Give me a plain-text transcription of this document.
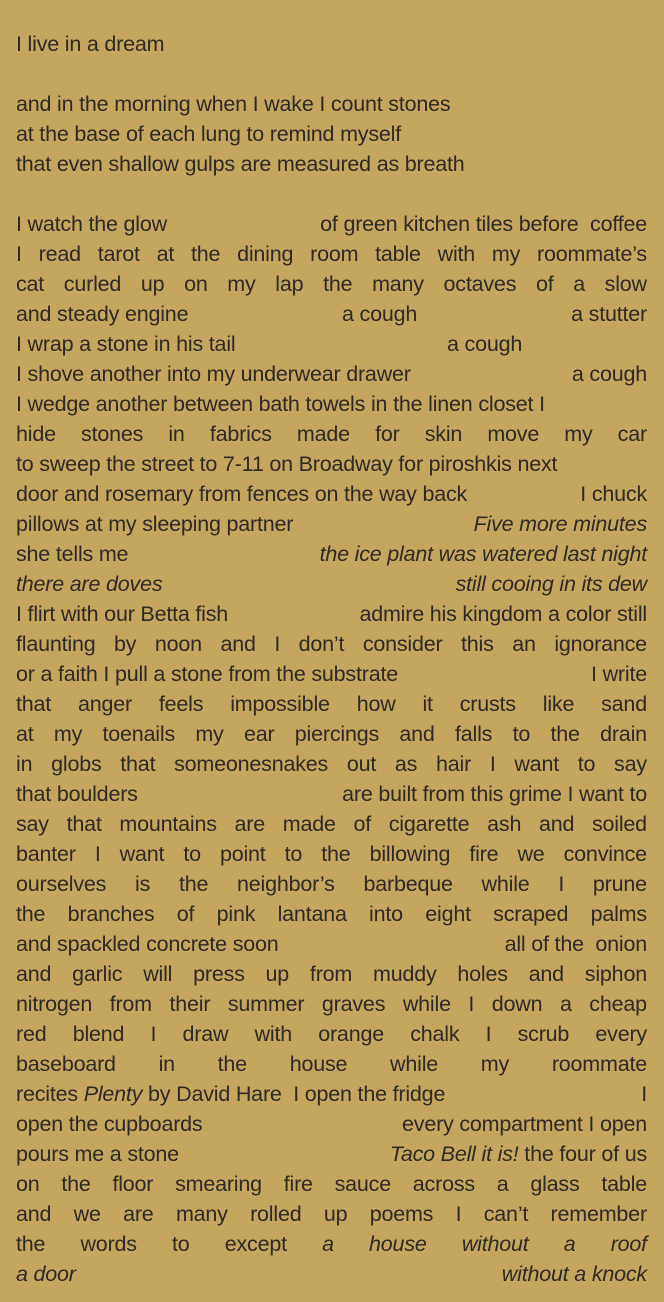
I live in a dream
and in the morning when I wake I count stones
at the base of each lung to remind myself
that even shallow gulps are measured as breath
I watch the glow	of green kitchen tiles before  coffee
I read tarot at the dining room table with my roommate’s
cat curled up on my lap the many octaves of a slow
and steady engine	a cough	a stutter
I wrap a stone in his tail	a cough
I shove another into my underwear drawer	a cough
I wedge another between bath towels in the linen closet I
hide stones in fabrics made for skin move my car
to sweep the street to 7-11 on Broadway for piroshkis next
door and rosemary from fences on the way back	I chuck
pillows at my sleeping partner	Five more minutes
she tells me	the ice plant was watered last night
there are doves	still cooing in its dew
I flirt with our Betta fish	admire his kingdom a color still
flaunting by noon and I don’t consider this an ignorance
or a faith I pull a stone from the substrate	I write
that anger feels impossible how it crusts like sand
at my toenails my ear piercings and falls to the drain
in globs that someonesnakes out as hair I want to say
that boulders	are built from this grime I want to
say that mountains are made of cigarette ash and soiled
banter I want to point to the billowing fire we convince
ourselves is the neighbor’s barbeque while I prune
the branches of pink lantana into eight scraped palms
and spackled concrete soon	all of the  onion
and garlic will press up from muddy holes and siphon
nitrogen from their summer graves while I down a cheap
red blend I draw with orange chalk I scrub every
baseboard in the house while my roommate
recites Plenty by David Hare  I open the fridge	I
open the cupboards	every compartment I open
pours me a stone	Taco Bell it is! the four of us
on the floor smearing fire sauce across a glass table
and we are many rolled up poems I can’t remember
the words to except a house without a roof
a door	without a knock
